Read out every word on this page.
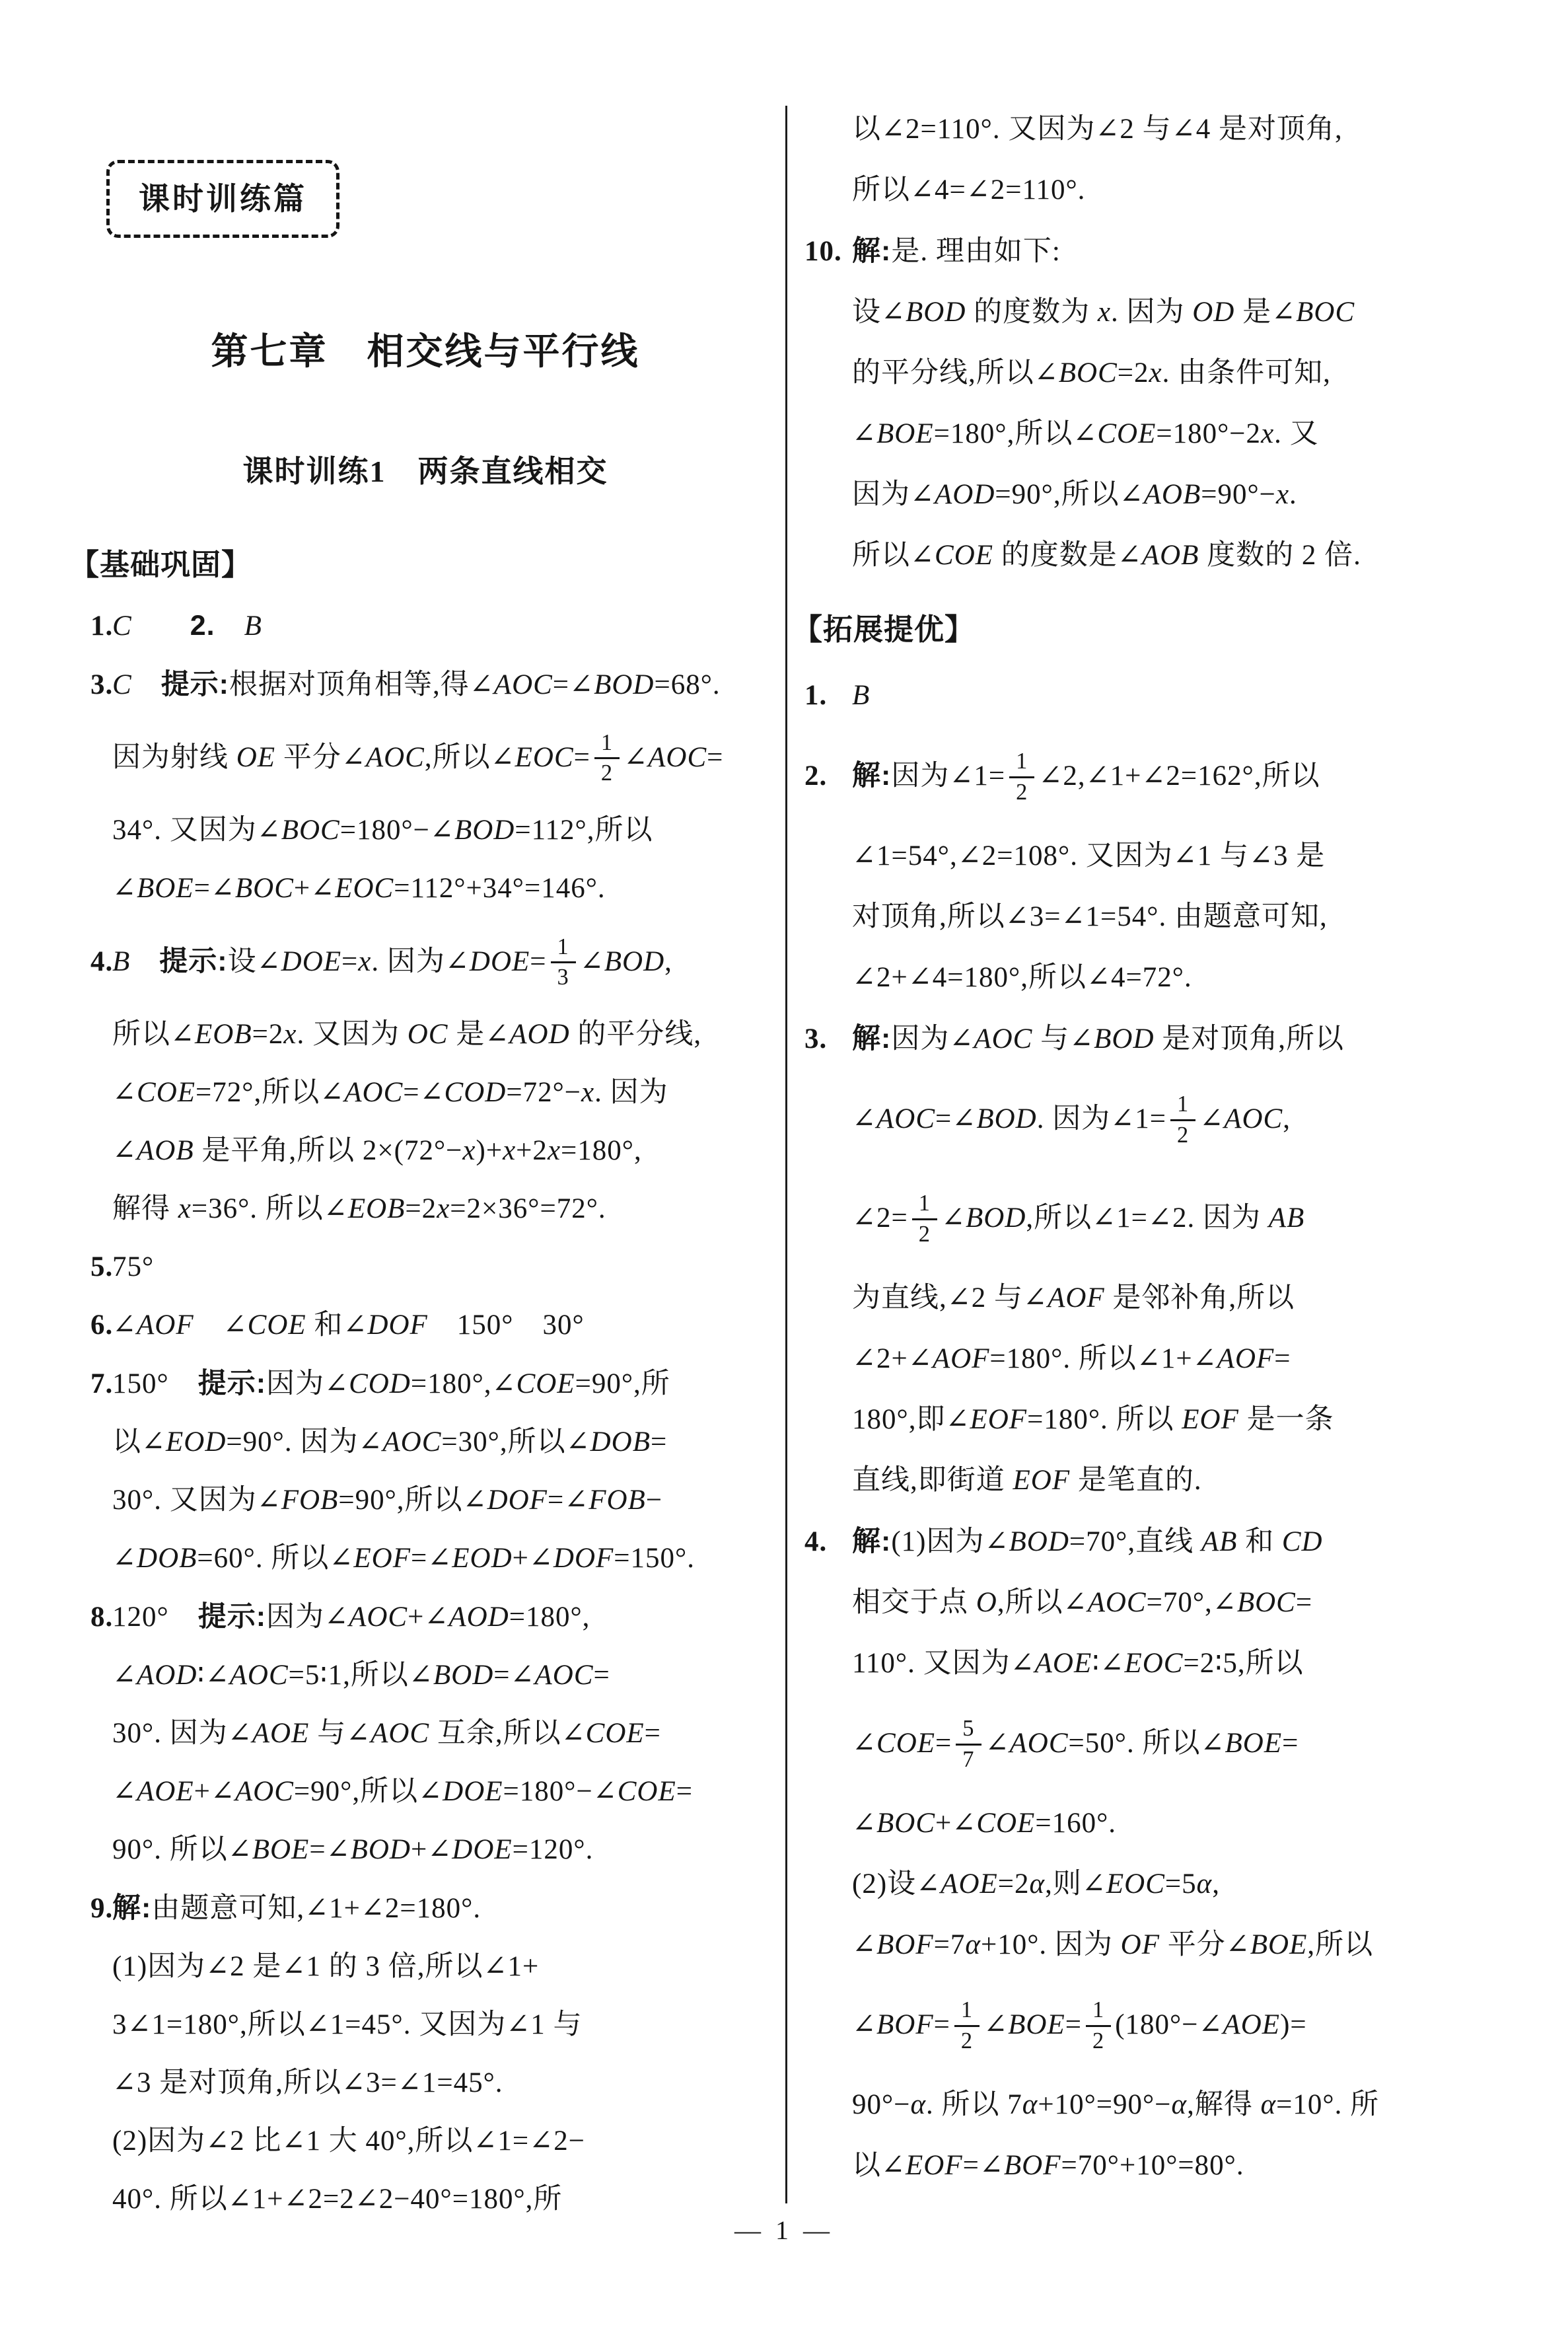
课时训练篇
第七章　相交线与平行线
课时训练1　两条直线相交
【基础巩固】
1.C　　 2.　 B
3.C　 提示:根据对顶角相等,得∠AOC=∠BOD=68°.
因为射线 OE 平分∠AOC,所以∠EOC= $\frac{1}{2}$ ∠AOC=
34°. 又因为∠BOC=180°−∠BOD=112°,所以
∠BOE=∠BOC+∠EOC=112°+34°=146°.
4.B　 提示:设∠DOE=x. 因为∠DOE= $\frac{1}{3}$ ∠BOD,
所以∠EOB=2x. 又因为 OC 是∠AOD 的平分线,
∠COE=72°,所以∠AOC=∠COD=72°−x. 因为
∠AOB 是平角,所以 2×(72°−x)+x+2x=180°,
解得 x=36°. 所以∠EOB=2x=2×36°=72°.
5.75°
6.∠AOF　∠COE 和∠DOF　150°　30°
7.150°　提示:因为∠COD=180°,∠COE=90°,所
以∠EOD=90°. 因为∠AOC=30°,所以∠DOB=
30°. 又因为∠FOB=90°,所以∠DOF=∠FOB−
∠DOB=60°. 所以∠EOF=∠EOD+∠DOF=150°.
8.120°　提示:因为∠AOC+∠AOD=180°,
∠AOD∶∠AOC=5∶1,所以∠BOD=∠AOC=
30°. 因为∠AOE 与∠AOC 互余,所以∠COE=
∠AOE+∠AOC=90°,所以∠DOE=180°−∠COE=
90°. 所以∠BOE=∠BOD+∠DOE=120°.
9.解:由题意可知,∠1+∠2=180°.
(1)因为∠2 是∠1 的 3 倍,所以∠1+
3∠1=180°,所以∠1=45°. 又因为∠1 与
∠3 是对顶角,所以∠3=∠1=45°.
(2)因为∠2 比∠1 大 40°,所以∠1=∠2−
40°. 所以∠1+∠2=2∠2−40°=180°,所
以∠2=110°. 又因为∠2 与∠4 是对顶角,
所以∠4=∠2=110°.
10. 解:是. 理由如下:
设∠BOD 的度数为 x. 因为 OD 是∠BOC
的平分线,所以∠BOC=2x. 由条件可知,
∠BOE=180°,所以∠COE=180°−2x. 又
因为∠AOD=90°,所以∠AOB=90°−x.
所以∠COE 的度数是∠AOB 度数的 2 倍.
【拓展提优】
1. B
2. 解:因为∠1= $\frac{1}{2}$ ∠2,∠1+∠2=162°,所以
∠1=54°,∠2=108°. 又因为∠1 与∠3 是
对顶角,所以∠3=∠1=54°. 由题意可知,
∠2+∠4=180°,所以∠4=72°.
3. 解:因为∠AOC 与∠BOD 是对顶角,所以
∠AOC=∠BOD. 因为∠1= $\frac{1}{2}$ ∠AOC,
∠2= $\frac{1}{2}$ ∠BOD,所以∠1=∠2. 因为 AB
为直线,∠2 与∠AOF 是邻补角,所以
∠2+∠AOF=180°. 所以∠1+∠AOF=
180°,即∠EOF=180°. 所以 EOF 是一条
直线,即街道 EOF 是笔直的.
4. 解:(1)因为∠BOD=70°,直线 AB 和 CD
相交于点 O,所以∠AOC=70°,∠BOC=
110°. 又因为∠AOE∶∠EOC=2∶5,所以
∠COE= $\frac{5}{7}$ ∠AOC=50°. 所以∠BOE=
∠BOC+∠COE=160°.
(2)设∠AOE=2α,则∠EOC=5α,
∠BOF=7α+10°. 因为 OF 平分∠BOE,所以
∠BOF= $\frac{1}{2}$ ∠BOE= $\frac{1}{2}$ (180°−∠AOE)=
90°−α. 所以 7α+10°=90°−α,解得 α=10°. 所
以∠EOF=∠BOF=70°+10°=80°.
— 1 —
